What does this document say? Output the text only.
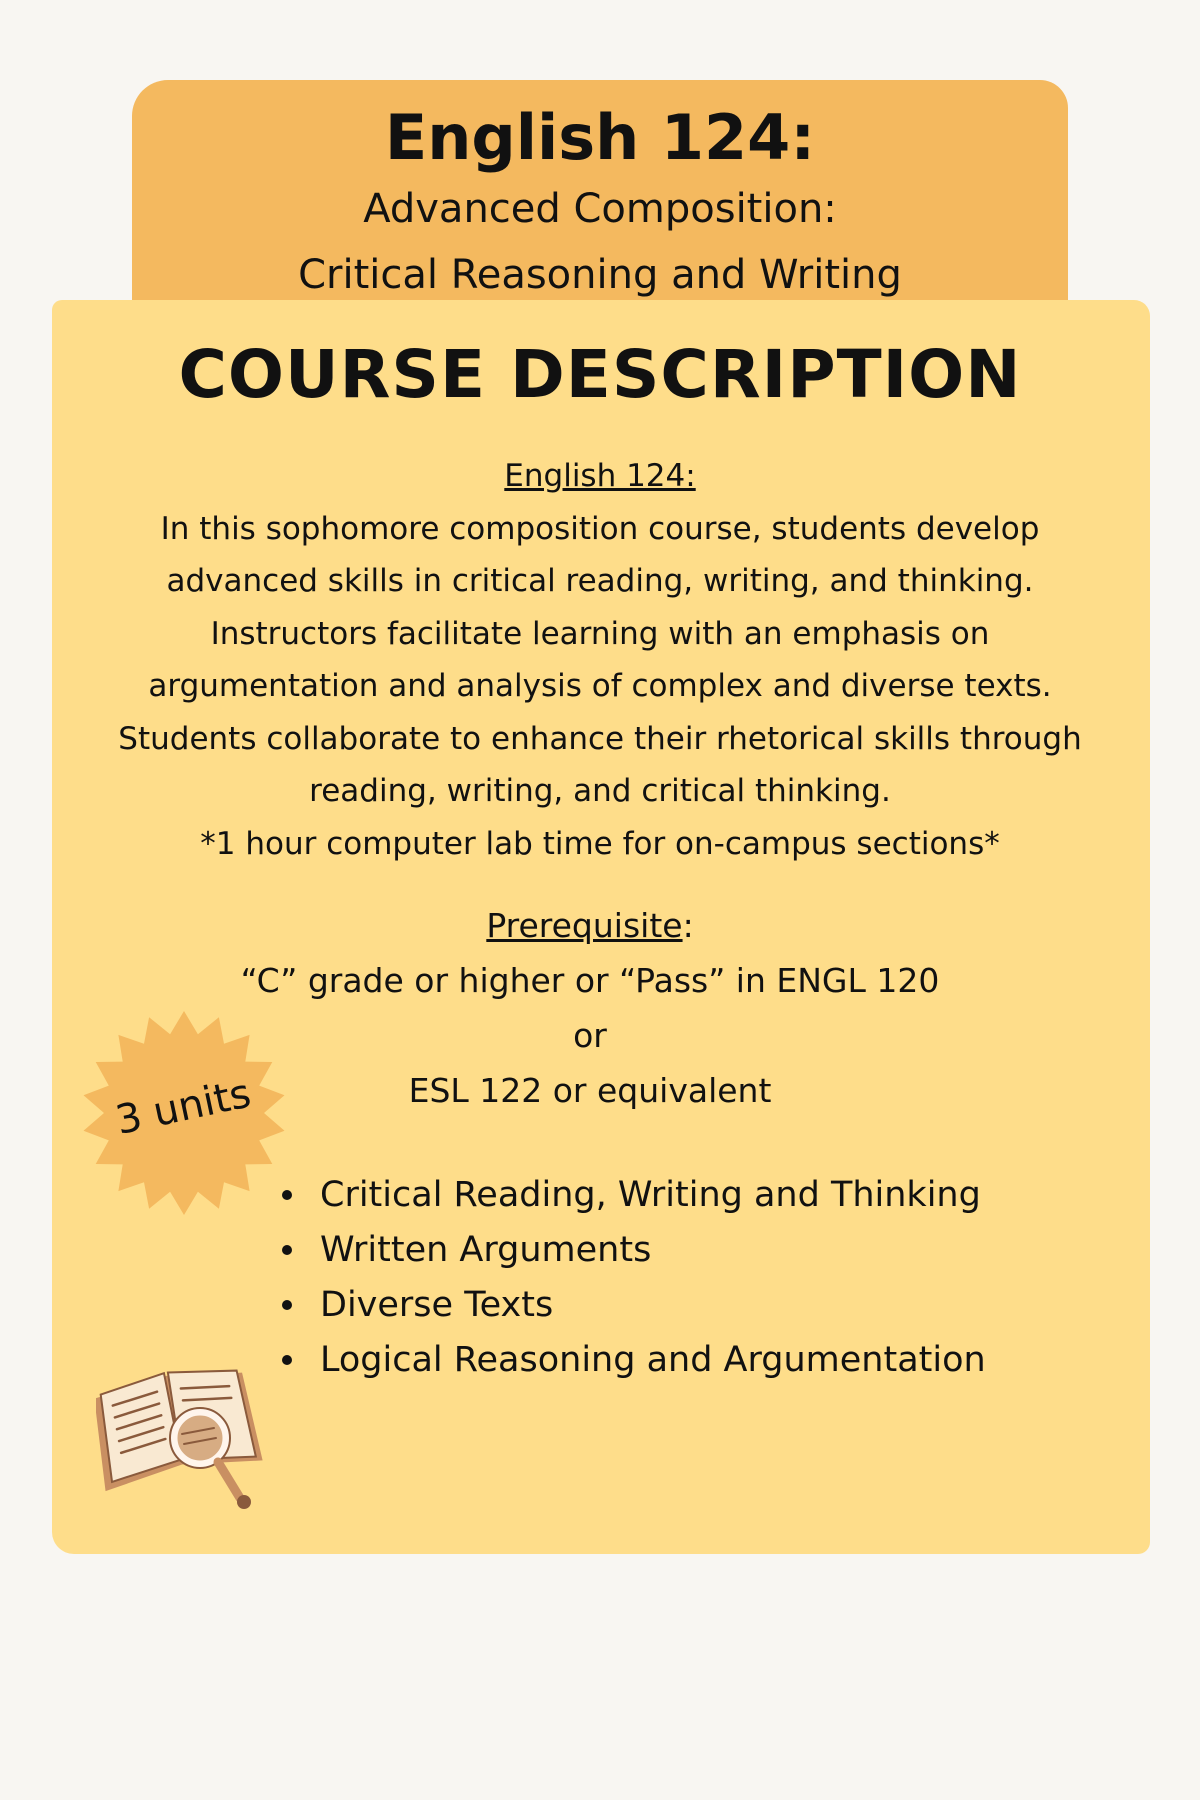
English 124:
Advanced Composition:
Critical Reasoning and Writing
COURSE DESCRIPTION

English 124:

In this sophomore composition course, students develop

advanced skills in critical reading, writing, and thinking.

Instructors facilitate learning with an emphasis on

argumentation and analysis of complex and diverse texts.

Students collaborate to enhance their rhetorical skills through

reading, writing, and critical thinking.

*1 hour computer lab time for on-campus sections*

Prerequisite:

“C” grade or higher or “Pass” in ENGL 120

or

ESL 122 or equivalent

3 units
Critical Reading, Writing and Thinking
Written Arguments
Diverse Texts
Logical Reasoning and Argumentation
